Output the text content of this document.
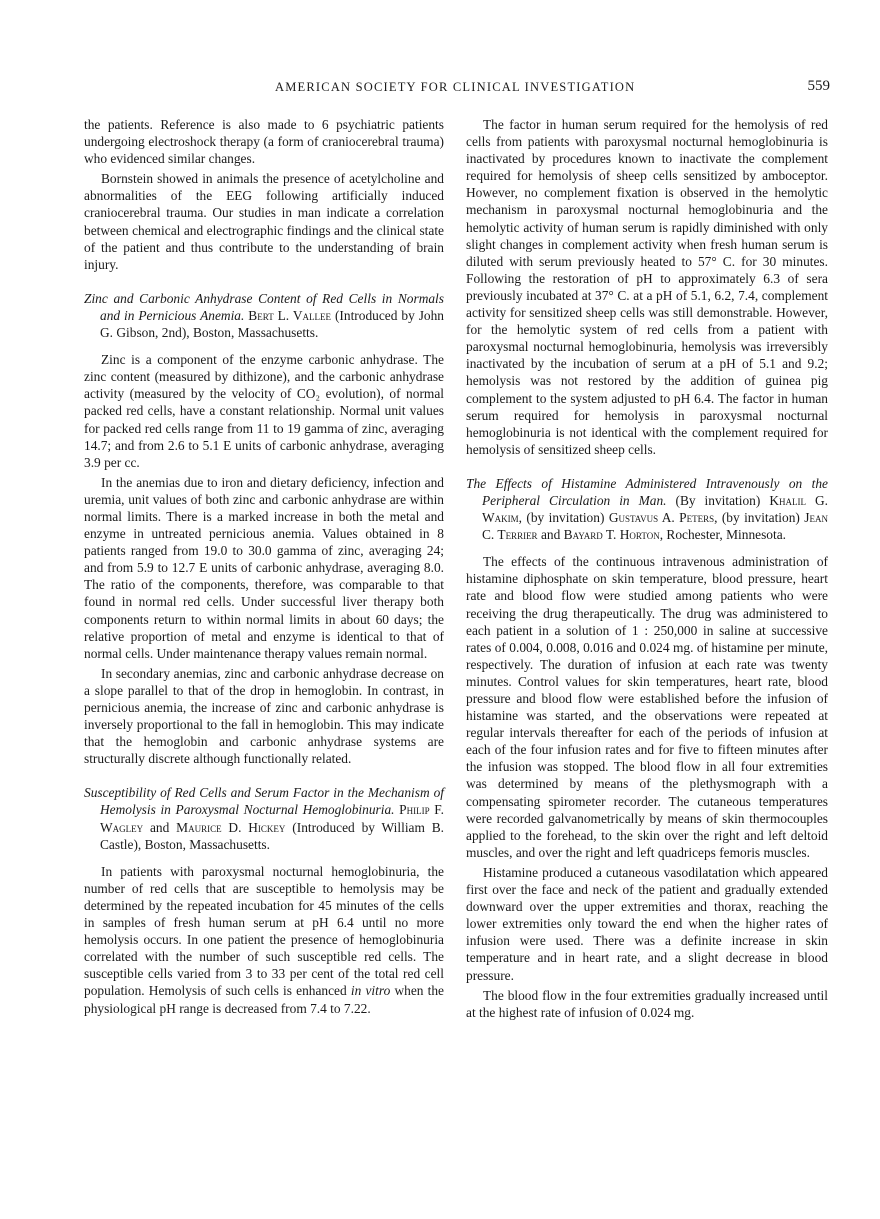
AMERICAN SOCIETY FOR CLINICAL INVESTIGATION	559

the patients. Reference is also made to 6 psychiatric patients undergoing electroshock therapy (a form of craniocerebral trauma) who evidenced similar changes.

Bornstein showed in animals the presence of acetylcholine and abnormalities of the EEG following artificially induced craniocerebral trauma. Our studies in man indicate a correlation between chemical and electrographic findings and the clinical state of the patient and thus contribute to the understanding of brain injury.

Zinc and Carbonic Anhydrase Content of Red Cells in Normals and in Pernicious Anemia. Bert L. Vallee (Introduced by John G. Gibson, 2nd), Boston, Massachusetts.

Zinc is a component of the enzyme carbonic anhydrase. The zinc content (measured by dithizone), and the carbonic anhydrase activity (measured by the velocity of CO₂ evolution), of normal packed red cells, have a constant relationship. Normal unit values for packed red cells range from 11 to 19 gamma of zinc, averaging 14.7; and from 2.6 to 5.1 E units of carbonic anhydrase, averaging 3.9 per cc.

In the anemias due to iron and dietary deficiency, infection and uremia, unit values of both zinc and carbonic anhydrase are within normal limits. There is a marked increase in both the metal and enzyme in untreated pernicious anemia. Values obtained in 8 patients ranged from 19.0 to 30.0 gamma of zinc, averaging 24; and from 5.9 to 12.7 E units of carbonic anhydrase, averaging 8.0. The ratio of the components, therefore, was comparable to that found in normal red cells. Under successful liver therapy both components return to within normal limits in about 60 days; the relative proportion of metal and enzyme is identical to that of normal cells. Under maintenance therapy values remain normal.

In secondary anemias, zinc and carbonic anhydrase decrease on a slope parallel to that of the drop in hemoglobin. In contrast, in pernicious anemia, the increase of zinc and carbonic anhydrase is inversely proportional to the fall in hemoglobin. This may indicate that the hemoglobin and carbonic anhydrase systems are structurally discrete although functionally related.

Susceptibility of Red Cells and Serum Factor in the Mechanism of Hemolysis in Paroxysmal Nocturnal Hemoglobinuria. Philip F. Wagley and Maurice D. Hickey (Introduced by William B. Castle), Boston, Massachusetts.

In patients with paroxysmal nocturnal hemoglobinuria, the number of red cells that are susceptible to hemolysis may be determined by the repeated incubation for 45 minutes of the cells in samples of fresh human serum at pH 6.4 until no more hemolysis occurs. In one patient the presence of hemoglobinuria correlated with the number of such susceptible red cells. The susceptible cells varied from 3 to 33 per cent of the total red cell population. Hemolysis of such cells is enhanced in vitro when the physiological pH range is decreased from 7.4 to 7.22.

The factor in human serum required for the hemolysis of red cells from patients with paroxysmal nocturnal hemoglobinuria is inactivated by procedures known to inactivate the complement required for hemolysis of sheep cells sensitized by amboceptor. However, no complement fixation is observed in the hemolytic mechanism in paroxysmal nocturnal hemoglobinuria and the hemolytic activity of human serum is rapidly diminished with only slight changes in complement activity when fresh human serum is diluted with serum previously heated to 57° C. for 30 minutes. Following the restoration of pH to approximately 6.3 of sera previously incubated at 37° C. at a pH of 5.1, 6.2, 7.4, complement activity for sensitized sheep cells was still demonstrable. However, for the hemolytic system of red cells from a patient with paroxysmal nocturnal hemoglobinuria, hemolysis was irreversibly inactivated by the incubation of serum at a pH of 5.1 and 9.2; hemolysis was not restored by the addition of guinea pig complement to the system adjusted to pH 6.4. The factor in human serum required for hemolysis in paroxysmal nocturnal hemoglobinuria is not identical with the complement required for hemolysis of sensitized sheep cells.

The Effects of Histamine Administered Intravenously on the Peripheral Circulation in Man. (By invitation) Khalil G. Wakim, (by invitation) Gustavus A. Peters, (by invitation) Jean C. Terrier and Bayard T. Horton, Rochester, Minnesota.

The effects of the continuous intravenous administration of histamine diphosphate on skin temperature, blood pressure, heart rate and blood flow were studied among patients who were receiving the drug therapeutically. The drug was administered to each patient in a solution of 1 : 250,000 in saline at successive rates of 0.004, 0.008, 0.016 and 0.024 mg. of histamine per minute, respectively. The duration of infusion at each rate was twenty minutes. Control values for skin temperatures, heart rate, blood pressure and blood flow were established before the infusion of histamine was started, and the observations were repeated at regular intervals thereafter for each of the periods of infusion at each of the four infusion rates and for five to fifteen minutes after the infusion was stopped. The blood flow in all four extremities was determined by means of the plethysmograph with a compensating spirometer recorder. The cutaneous temperatures were recorded galvanometrically by means of skin thermocouples applied to the forehead, to the skin over the right and left deltoid muscles, and over the right and left quadriceps femoris muscles.

Histamine produced a cutaneous vasodilatation which appeared first over the face and neck of the patient and gradually extended downward over the upper extremities and thorax, reaching the lower extremities only toward the end when the higher rates of infusion were used. There was a definite increase in skin temperature and in heart rate, and a slight decrease in blood pressure.

The blood flow in the four extremities gradually increased until at the highest rate of infusion of 0.024 mg.
